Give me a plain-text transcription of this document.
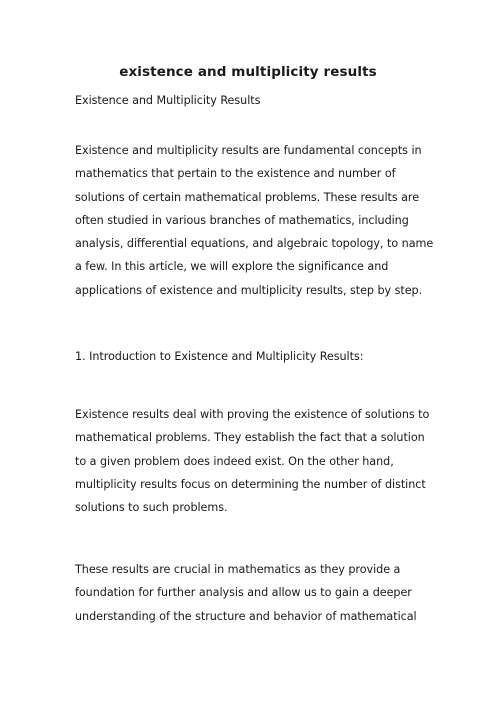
existence and multiplicity results

Existence and Multiplicity Results

Existence and multiplicity results are fundamental concepts in mathematics that pertain to the existence and number of solutions of certain mathematical problems. These results are often studied in various branches of mathematics, including analysis, differential equations, and algebraic topology, to name a few. In this article, we will explore the significance and applications of existence and multiplicity results, step by step.

1. Introduction to Existence and Multiplicity Results:

Existence results deal with proving the existence of solutions to mathematical problems. They establish the fact that a solution to a given problem does indeed exist. On the other hand, multiplicity results focus on determining the number of distinct solutions to such problems.

These results are crucial in mathematics as they provide a foundation for further analysis and allow us to gain a deeper understanding of the structure and behavior of mathematical
